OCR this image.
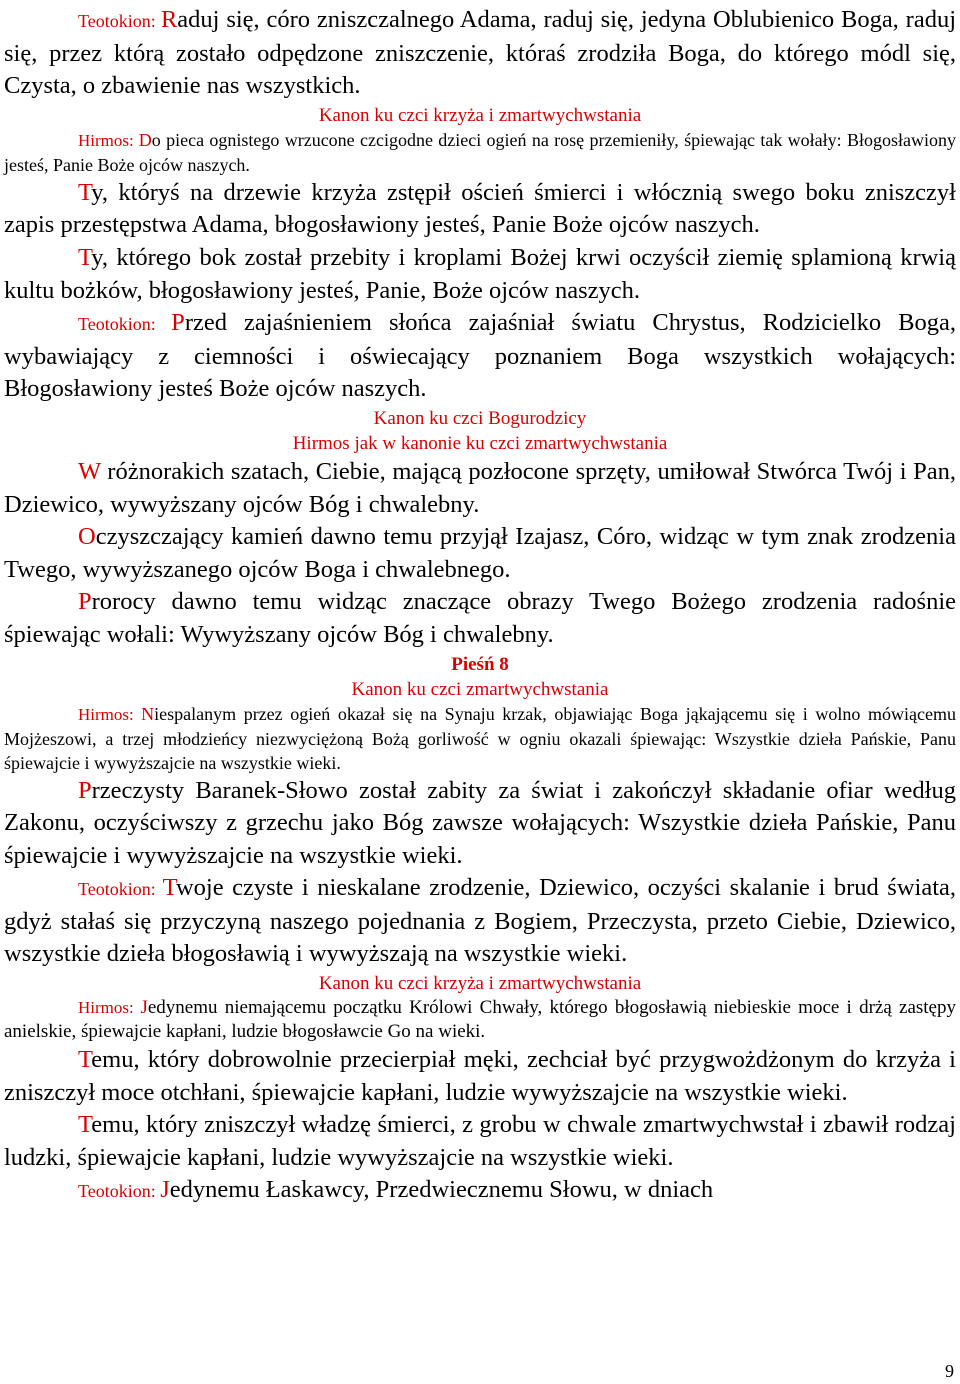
Teotokion: Raduj się, córo zniszczalnego Adama, raduj się, jedyna Oblubienico Boga, raduj się, przez którą zostało odpędzone zniszczenie, któraś zrodziła Boga, do którego módl się, Czysta, o zbawienie nas wszystkich.

Kanon ku czci krzyża i zmartwychwstania

Hirmos: Do pieca ognistego wrzucone czcigodne dzieci ogień na rosę przemieniły, śpiewając tak wołały: Błogosławiony jesteś, Panie Boże ojców naszych.

Ty, któryś na drzewie krzyża zstępił oścień śmierci i włócznią swego boku zniszczył zapis przestępstwa Adama, błogosławiony jesteś, Panie Boże ojców naszych.

Ty, którego bok został przebity i kroplami Bożej krwi oczyścił ziemię splamioną krwią kultu bożków, błogosławiony jesteś, Panie, Boże ojców naszych.

Teotokion: Przed zajaśnieniem słońca zajaśniał światu Chrystus, Rodzicielko Boga, wybawiający z ciemności i oświecający poznaniem Boga wszystkich wołających: Błogosławiony jesteś Boże ojców naszych.

Kanon ku czci Bogurodzicy

Hirmos jak w kanonie ku czci zmartwychwstania

W różnorakich szatach, Ciebie, mającą pozłocone sprzęty, umiłował Stwórca Twój i Pan, Dziewico, wywyższany ojców Bóg i chwalebny.

Oczyszczający kamień dawno temu przyjął Izajasz, Córo, widząc w tym znak zrodzenia Twego, wywyższanego ojców Boga i chwalebnego.

Prorocy dawno temu widząc znaczące obrazy Twego Bożego zrodzenia radośnie śpiewając wołali: Wywyższany ojców Bóg i chwalebny.

Pieśń 8

Kanon ku czci zmartwychwstania

Hirmos: Niespalanym przez ogień okazał się na Synaju krzak, objawiając Boga jąkającemu się i wolno mówiącemu Mojżeszowi, a trzej młodzieńcy niezwyciężoną Bożą gorliwość w ogniu okazali śpiewając: Wszystkie dzieła Pańskie, Panu śpiewajcie i wywyższajcie na wszystkie wieki.

Przeczysty Baranek-Słowo został zabity za świat i zakończył składanie ofiar według Zakonu, oczyściwszy z grzechu jako Bóg zawsze wołających: Wszystkie dzieła Pańskie, Panu śpiewajcie i wywyższajcie na wszystkie wieki.

Teotokion: Twoje czyste i nieskalane zrodzenie, Dziewico, oczyści skalanie i brud świata, gdyż stałaś się przyczyną naszego pojednania z Bogiem, Przeczysta, przeto Ciebie, Dziewico, wszystkie dzieła błogosławią i wywyższają na wszystkie wieki.

Kanon ku czci krzyża i zmartwychwstania

Hirmos: Jedynemu niemającemu początku Królowi Chwały, którego błogosławią niebieskie moce i drżą zastępy anielskie, śpiewajcie kapłani, ludzie błogosławcie Go na wieki.

Temu, który dobrowolnie przecierpiał męki, zechciał być przygwożdżonym do krzyża i zniszczył moce otchłani, śpiewajcie kapłani, ludzie wywyższajcie na wszystkie wieki.

Temu, który zniszczył władzę śmierci, z grobu w chwale zmartwychwstał i zbawił rodzaj ludzki, śpiewajcie kapłani, ludzie wywyższajcie na wszystkie wieki.

Teotokion: Jedynemu Łaskawcy, Przedwiecznemu Słowu, w dniach

9
